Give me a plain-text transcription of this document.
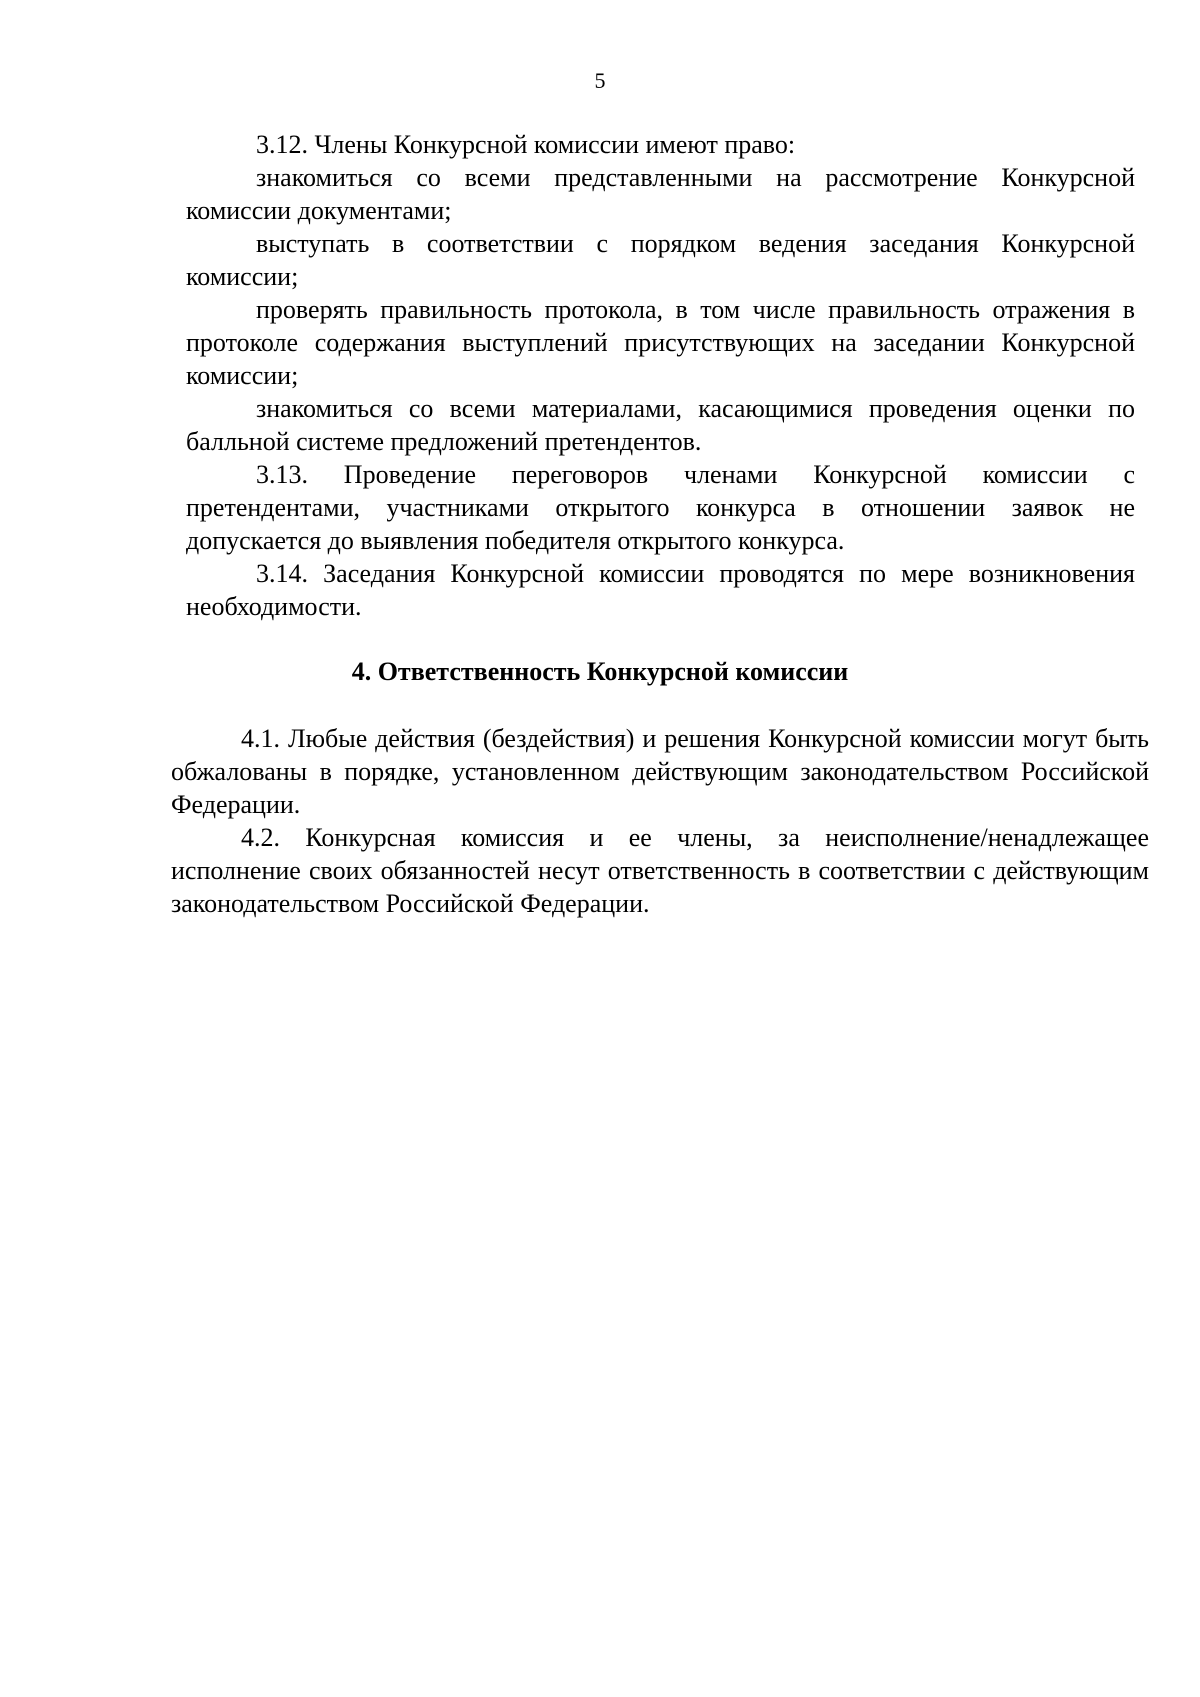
5

3.12. Члены Конкурсной комиссии имеют право:

знакомиться со всеми представленными на рассмотрение Конкурсной комиссии документами;

выступать в соответствии с порядком ведения заседания Конкурсной комиссии;

проверять правильность протокола, в том числе правильность отражения в протоколе содержания выступлений присутствующих на заседании Конкурсной комиссии;

знакомиться со всеми материалами, касающимися проведения оценки по балльной системе предложений претендентов.

3.13. Проведение переговоров членами Конкурсной комиссии с претендентами, участниками открытого конкурса в отношении заявок не допускается до выявления победителя открытого конкурса.

3.14. Заседания Конкурсной комиссии проводятся по мере возникновения необходимости.

4. Ответственность Конкурсной комиссии

4.1. Любые действия (бездействия) и решения Конкурсной комиссии могут быть обжалованы в порядке, установленном действующим законодательством Российской Федерации.

4.2. Конкурсная комиссия и ее члены, за неисполнение/ненадлежащее исполнение своих обязанностей несут ответственность в соответствии с действующим законодательством Российской Федерации.
